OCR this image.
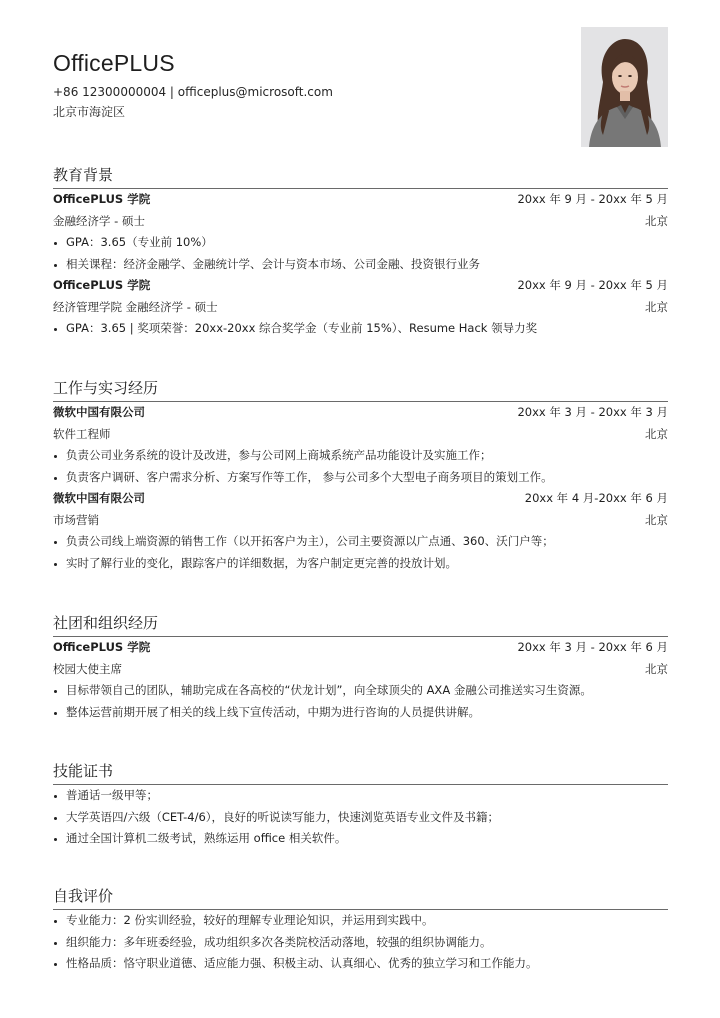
OfficePLUS
+86 12300000004 | officeplus@microsoft.com
北京市海淀区
教育背景
OfficePLUS 学院	20xx 年 9 月 - 20xx 年 5 月
金融经济学 - 硕士	北京
GPA：3.65（专业前 10%）
相关课程：经济金融学、金融统计学、会计与资本市场、公司金融、投资银行业务
OfficePLUS 学院	20xx 年 9 月 - 20xx 年 5 月
经济管理学院 金融经济学 - 硕士	北京
GPA：3.65 | 奖项荣誉：20xx-20xx 综合奖学金（专业前 15%）、Resume Hack 领导力奖
工作与实习经历
微软中国有限公司	20xx 年 3 月 - 20xx 年 3 月
软件工程师	北京
负责公司业务系统的设计及改进，参与公司网上商城系统产品功能设计及实施工作；
负责客户调研、客户需求分析、方案写作等工作， 参与公司多个大型电子商务项目的策划工作。
微软中国有限公司	20xx 年 4 月-20xx 年 6 月
市场营销	北京
负责公司线上端资源的销售工作（以开拓客户为主），公司主要资源以广点通、360、沃门户等；
实时了解行业的变化，跟踪客户的详细数据，为客户制定更完善的投放计划。
社团和组织经历
OfficePLUS 学院	20xx 年 3 月 - 20xx 年 6 月
校园大使主席	北京
目标带领自己的团队，辅助完成在各高校的“伏龙计划”，向全球顶尖的 AXA 金融公司推送实习生资源。
整体运营前期开展了相关的线上线下宣传活动，中期为进行咨询的人员提供讲解。
技能证书
普通话一级甲等；
大学英语四/六级（CET-4/6），良好的听说读写能力，快速浏览英语专业文件及书籍；
通过全国计算机二级考试，熟练运用 office 相关软件。
自我评价
专业能力：2 份实训经验，较好的理解专业理论知识，并运用到实践中。
组织能力：多年班委经验，成功组织多次各类院校活动落地，较强的组织协调能力。
性格品质：恪守职业道德、适应能力强、积极主动、认真细心、优秀的独立学习和工作能力。
